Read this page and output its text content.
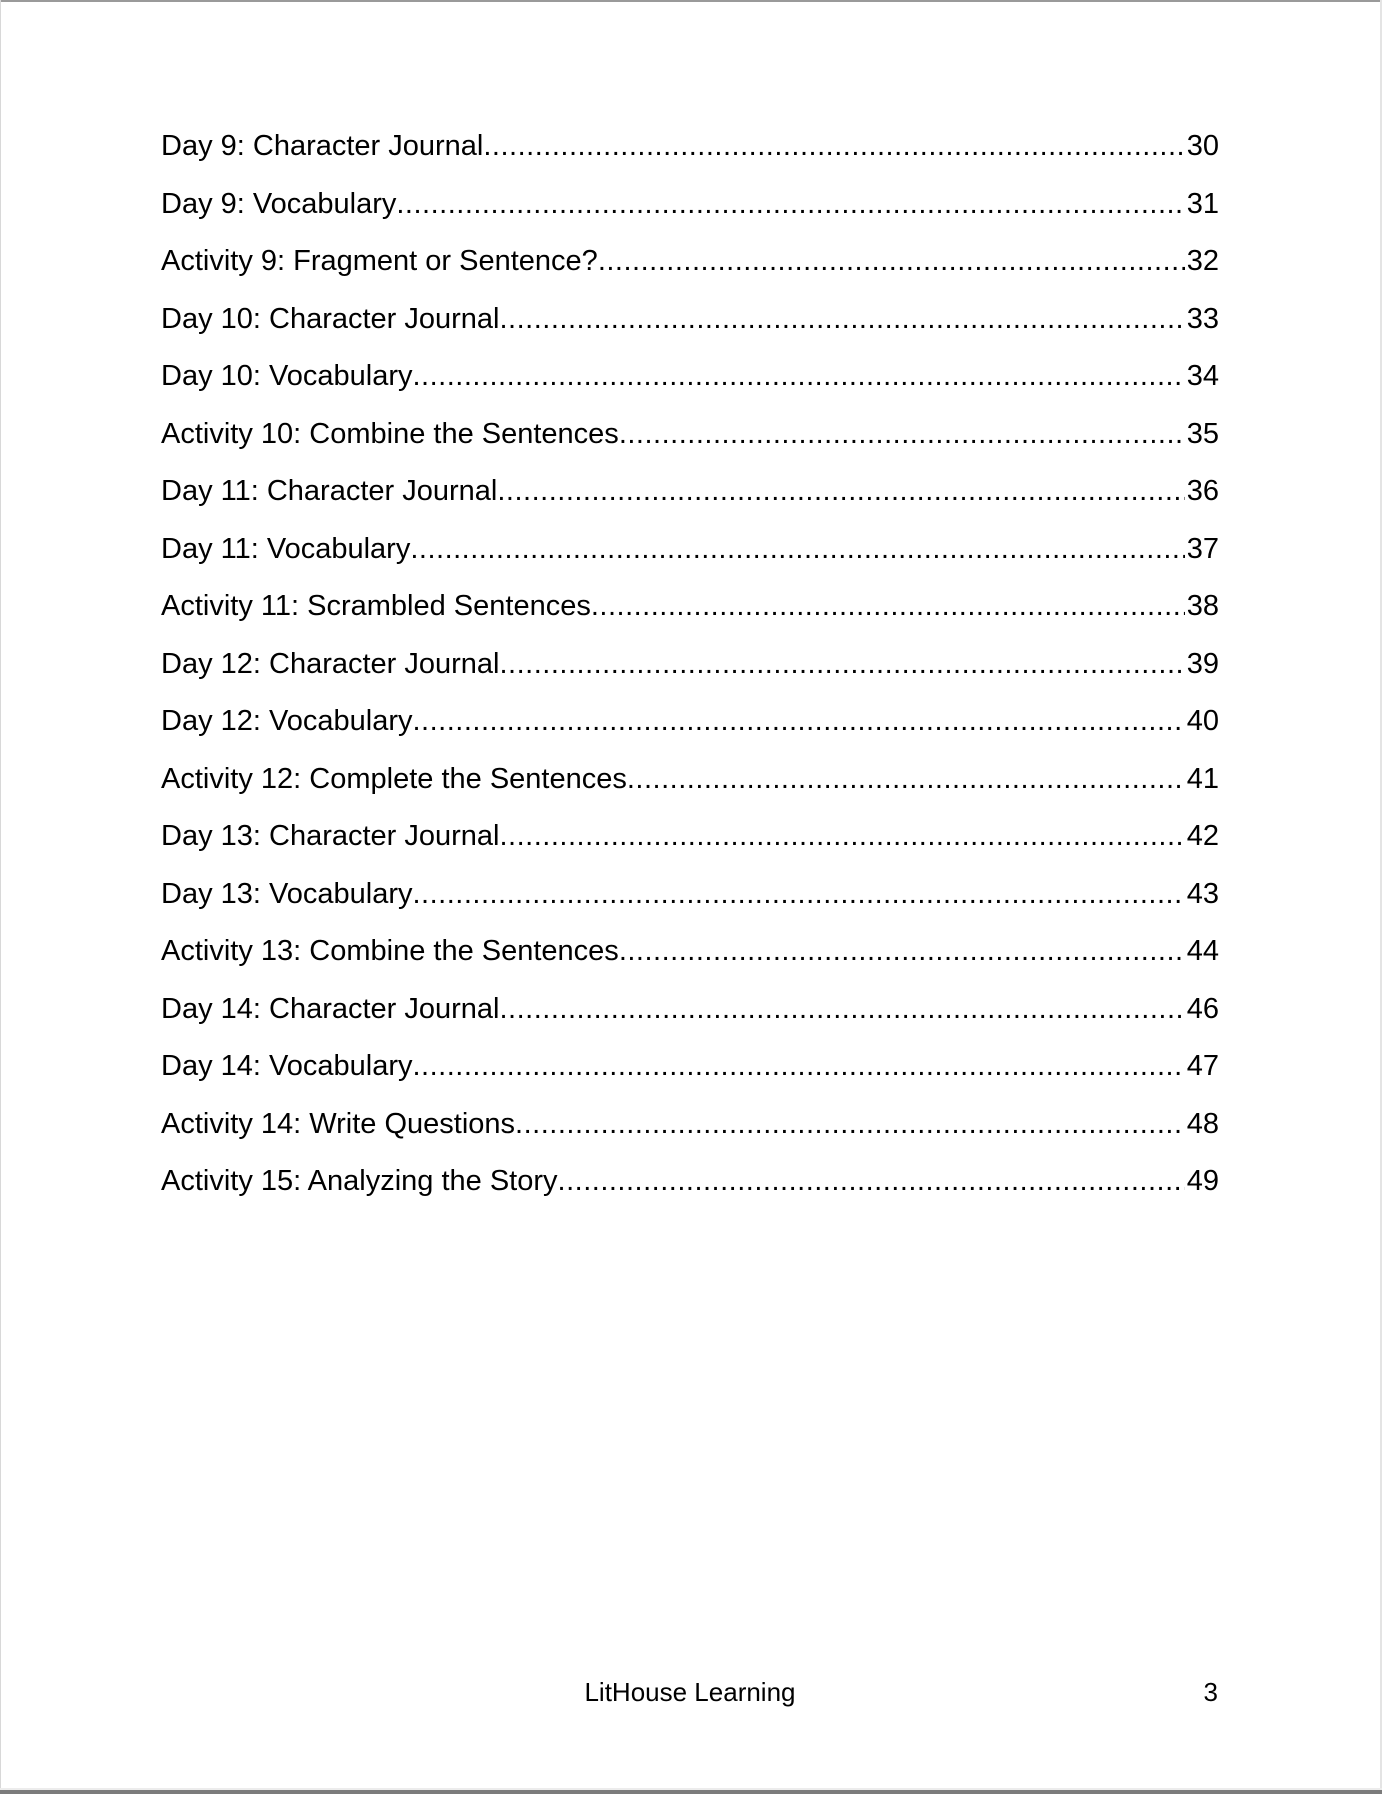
Day 9: Character Journal .....	30
Day 9: Vocabulary .....	31
Activity 9: Fragment or Sentence? .....	32
Day 10: Character Journal .....	33
Day 10: Vocabulary .....	34
Activity 10: Combine the Sentences .....	35
Day 11: Character Journal .....	36
Day 11: Vocabulary .....	37
Activity 11: Scrambled Sentences .....	38
Day 12: Character Journal .....	39
Day 12: Vocabulary .....	40
Activity 12: Complete the Sentences .....	41
Day 13: Character Journal .....	42
Day 13: Vocabulary .....	43
Activity 13: Combine the Sentences .....	44
Day 14: Character Journal .....	46
Day 14: Vocabulary .....	47
Activity 14: Write Questions .....	48
Activity 15: Analyzing the Story .....	49
LitHouse Learning	3
